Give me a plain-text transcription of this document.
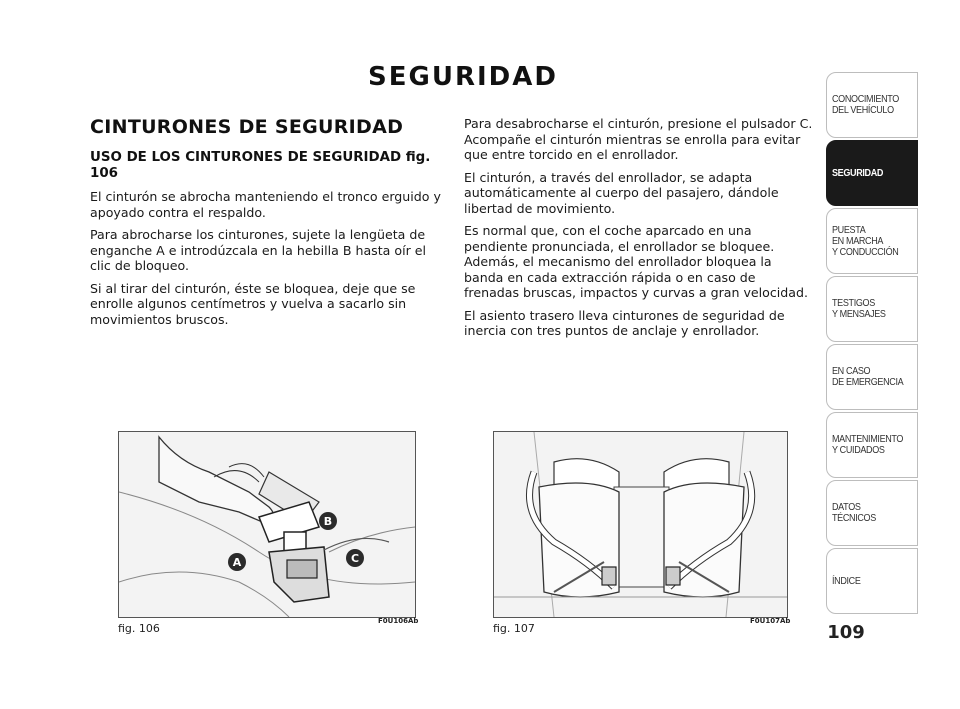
SEGURIDAD
CINTURONES DE SEGURIDAD

USO DE LOS CINTURONES DE SEGURIDAD fig. 106

El cinturón se abrocha manteniendo el tronco erguido y apoyado contra el respaldo.

Para abrocharse los cinturones, sujete la lengüeta de enganche A e introdúzcala en la hebilla B hasta oír el clic de bloqueo.

Si al tirar del cinturón, éste se bloquea, deje que se enrolle algunos centímetros y vuelva a sacarlo sin movimientos bruscos.

Para desabrocharse el cinturón, presione el pulsador C. Acompañe el cinturón mientras se enrolla para evitar que entre torcido en el enrollador.

El cinturón, a través del enrollador, se adapta automáticamente al cuerpo del pasajero, dándole libertad de movimiento.

Es normal que, con el coche aparcado en una pendiente pronunciada, el enrollador se bloquee. Además, el mecanismo del enrollador bloquea la banda en cada extracción rápida o en caso de frenadas bruscas, impactos y curvas a gran velocidad.

El asiento trasero lleva cinturones de seguridad de inercia con tres puntos de anclaje y enrollador.

A
B
C
fig. 106
F0U106Ab
fig. 107
F0U107Ab
109
CONOCIMIENTO
DEL VEHÍCULO
SEGURIDAD
PUESTA
EN MARCHA
Y CONDUCCIÓN
TESTIGOS
Y MENSAJES
EN CASO
DE EMERGENCIA
MANTENIMIENTO
Y CUIDADOS
DATOS TÉCNICOS
ÍNDICE
